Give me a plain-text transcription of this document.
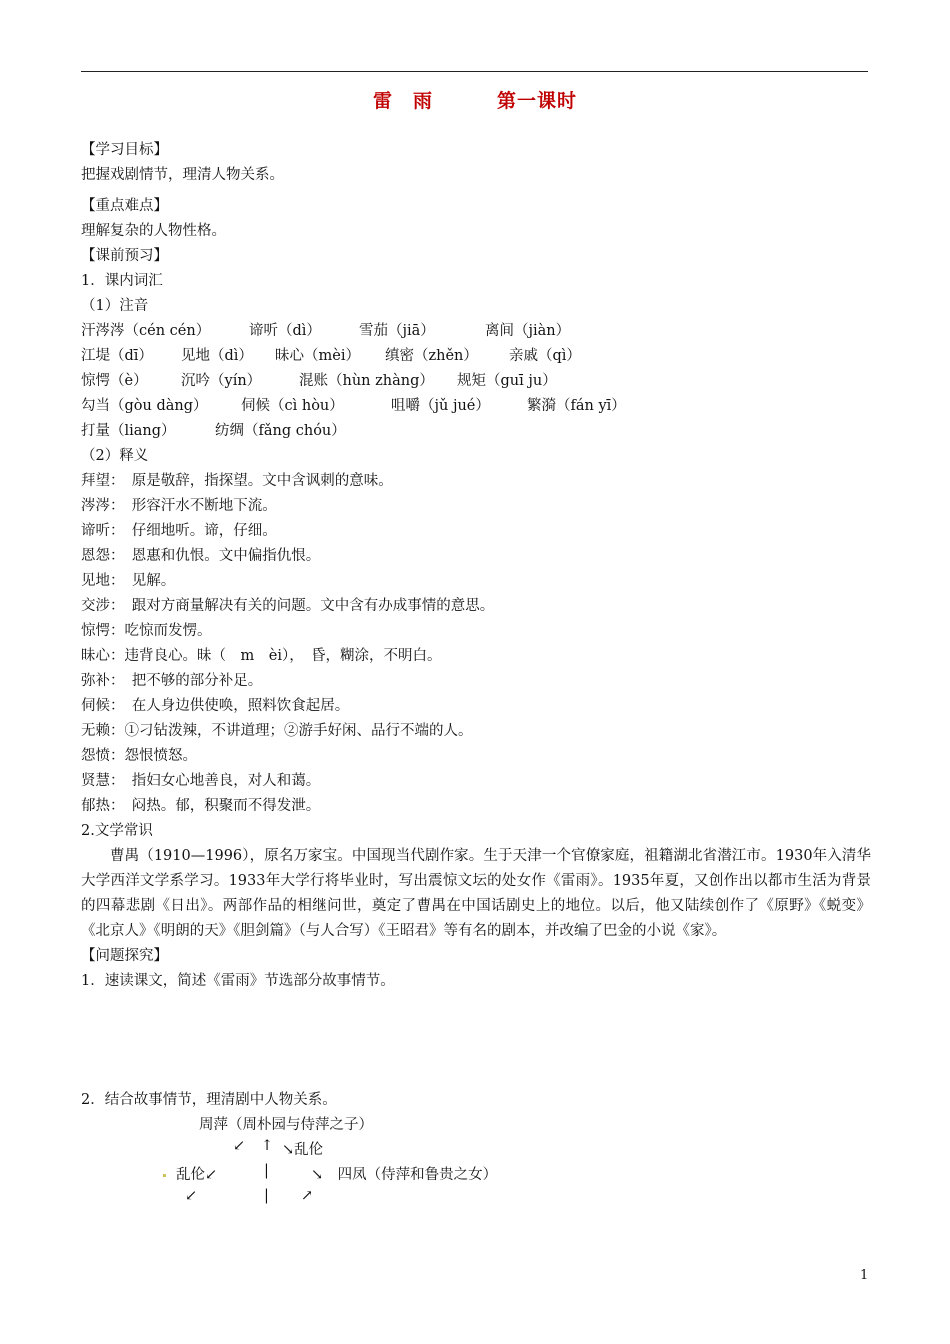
雷　雨	第一课时
【学习目标】
把握戏剧情节，理清人物关系。
【重点难点】
理解复杂的人物性格。
【课前预习】
1．课内词汇
（1）注音
汗涔涔（cén cén）	谛听（dì）	雪茄（jiā）	离间（jiàn）
江堤（dī） 见地（dì） 昧心（mèi） 缜密（zhěn） 亲戚（qì）
惊愕（è） 沉吟（yín）	混账（hùn zhàng） 规矩（guī ju）
勾当（gòu dàng） 伺候（cì hòu）	咀嚼（jǔ jué）	繁漪（fán yī）
打量（liang）	纺绸（fǎng chóu）
（2）释义
拜望：　原是敬辞，指探望。文中含讽刺的意味。
涔涔：　形容汗水不断地下流。
谛听：　仔细地听。谛，仔细。
恩怨：　恩惠和仇恨。文中偏指仇恨。
见地：　见解。
交涉：　跟对方商量解决有关的问题。文中含有办成事情的意思。
惊愕：吃惊而发愣。
昧心：违背良心。昧（　m　èi），　昏，糊涂，不明白。
弥补：　把不够的部分补足。
伺候：　在人身边供使唤，照料饮食起居。
无赖：①刁钻泼辣，不讲道理；②游手好闲、品行不端的人。
怨愤：怨恨愤怒。
贤慧：　指妇女心地善良，对人和蔼。
郁热：　闷热。郁，积聚而不得发泄。
2.文学常识
曹禺（1910—1996），原名万家宝。中国现当代剧作家。生于天津一个官僚家庭，祖籍湖北省潜江市。1930年入清华大学西洋文学系学习。1933年大学行将毕业时，写出震惊文坛的处女作《雷雨》。1935年夏，又创作出以都市生活为背景的四幕悲剧《日出》。两部作品的相继问世，奠定了曹禺在中国话剧史上的地位。以后，他又陆续创作了《原野》《蜕变》《北京人》《明朗的天》《胆剑篇》（与人合写）《王昭君》等有名的剧本，并改编了巴金的小说《家》。
【问题探究】
1．速读课文，简述《雷雨》节选部分故事情节。
2．结合故事情节，理清剧中人物关系。
周萍（周朴园与侍萍之子）
↙ ↑ ↘乱伦
乱伦↙	|	↘　四凤（侍萍和鲁贵之女）
↙	| ↗
1
